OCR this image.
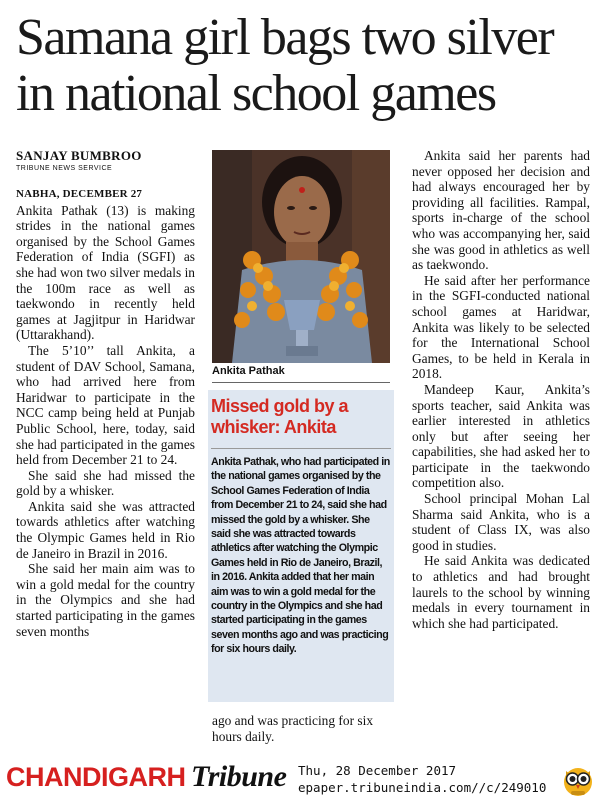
Samana girl bags two silver in national school games
SANJAY BUMBROO
TRIBUNE NEWS SERVICE

NABHA, DECEMBER 27
Ankita Pathak (13) is making strides in the national games organised by the School Games Federation of India (SGFI) as she had won two silver medals in the 100m race as well as taekwondo in recently held games at Jagjitpur in Haridwar (Uttarakhand).

The 5’10’’ tall Ankita, a student of DAV School, Samana, who had arrived here from Haridwar to participate in the NCC camp being held at Punjab Public School, here, today, said she had participated in the games held from December 21 to 24.

She said she had missed the gold by a whisker.

Ankita said she was attracted towards athletics after watching the Olympic Games held in Rio de Janeiro in Brazil in 2016.

She said her main aim was to win a gold medal for the country in the Olympics and she had started participating in the games seven months

Ankita Pathak
Missed gold by a whisker: Ankita

Ankita Pathak, who had participated in the national games organised by the School Games Federation of India from December 21 to 24, said she had missed the gold by a whisker. She said she was attracted towards athletics after watching the Olympic Games held in Rio de Janeiro, Brazil, in 2016. Ankita added that her main aim was to win a gold medal for the country in the Olympics and she had started participating in the games seven months ago and was practicing for six hours daily.

ago and was practicing for six hours daily.

Ankita said her parents had never opposed her decision and had always encouraged her by providing all facilities. Rampal, sports in-charge of the school who was accompanying her, said she was good in athletics as well as taekwondo.

He said after her performance in the SGFI-conducted national school games at Haridwar, Ankita was likely to be selected for the International School Games, to be held in Kerala in 2018.

Mandeep Kaur, Ankita’s sports teacher, said Ankita was earlier interested in athletics only but after seeing her capabilities, she had asked her to participate in the taekwondo competition also.

School principal Mohan Lal Sharma said Ankita, who is a student of Class IX, was also good in studies.

He said Ankita was dedicated to athletics and had brought laurels to the school by winning medals in every tournament in which she had participated.

CHANDIGARH Tribune Thu, 28 December 2017
epaper.tribuneindia.com//c/249010
